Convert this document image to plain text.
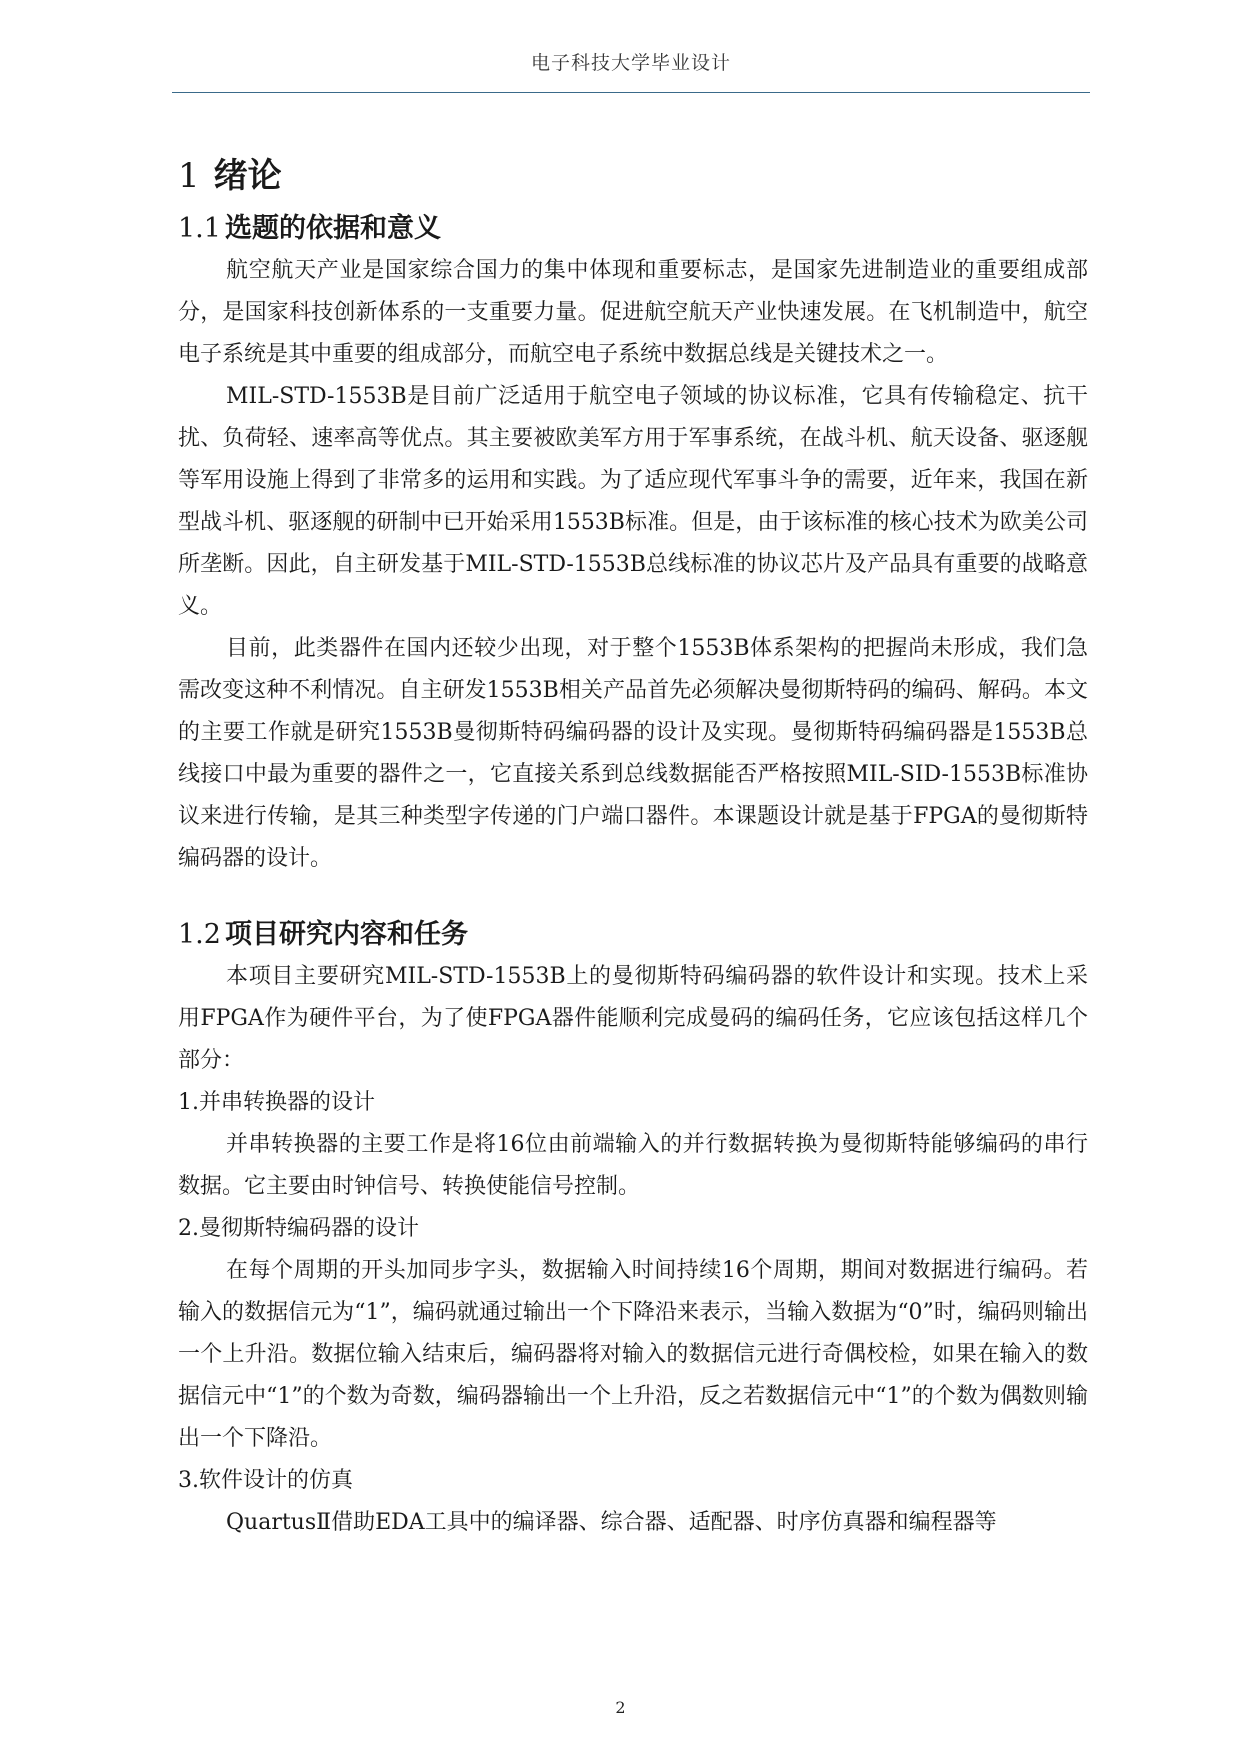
电子科技大学毕业设计
1 绪论
1.1 选题的依据和意义

航空航天产业是国家综合国力的集中体现和重要标志，是国家先进制造业的重要组成部分，是国家科技创新体系的一支重要力量。促进航空航天产业快速发展。在飞机制造中，航空电子系统是其中重要的组成部分，而航空电子系统中数据总线是关键技术之一。

MIL-STD-1553B是目前广泛适用于航空电子领域的协议标准，它具有传输稳定、抗干扰、负荷轻、速率高等优点。其主要被欧美军方用于军事系统，在战斗机、航天设备、驱逐舰等军用设施上得到了非常多的运用和实践。为了适应现代军事斗争的需要，近年来，我国在新型战斗机、驱逐舰的研制中已开始采用1553B标准。但是，由于该标准的核心技术为欧美公司所垄断。因此，自主研发基于MIL-STD-1553B总线标准的协议芯片及产品具有重要的战略意义。

目前，此类器件在国内还较少出现，对于整个1553B体系架构的把握尚未形成，我们急需改变这种不利情况。自主研发1553B相关产品首先必须解决曼彻斯特码的编码、解码。本文的主要工作就是研究1553B曼彻斯特码编码器的设计及实现。曼彻斯特码编码器是1553B总线接口中最为重要的器件之一，它直接关系到总线数据能否严格按照MIL-SID-1553B标准协议来进行传输，是其三种类型字传递的门户端口器件。本课题设计就是基于FPGA的曼彻斯特编码器的设计。

1.2 项目研究内容和任务

本项目主要研究MIL-STD-1553B上的曼彻斯特码编码器的软件设计和实现。技术上采用FPGA作为硬件平台，为了使FPGA器件能顺利完成曼码的编码任务，它应该包括这样几个部分：

1.并串转换器的设计

并串转换器的主要工作是将16位由前端输入的并行数据转换为曼彻斯特能够编码的串行数据。它主要由时钟信号、转换使能信号控制。

2.曼彻斯特编码器的设计

在每个周期的开头加同步字头，数据输入时间持续16个周期，期间对数据进行编码。若输入的数据信元为“1”，编码就通过输出一个下降沿来表示，当输入数据为“0”时，编码则输出一个上升沿。数据位输入结束后，编码器将对输入的数据信元进行奇偶校检，如果在输入的数据信元中“1”的个数为奇数，编码器输出一个上升沿，反之若数据信元中“1”的个数为偶数则输出一个下降沿。

3.软件设计的仿真

QuartusⅡ借助EDA工具中的编译器、综合器、适配器、时序仿真器和编程器等

2
